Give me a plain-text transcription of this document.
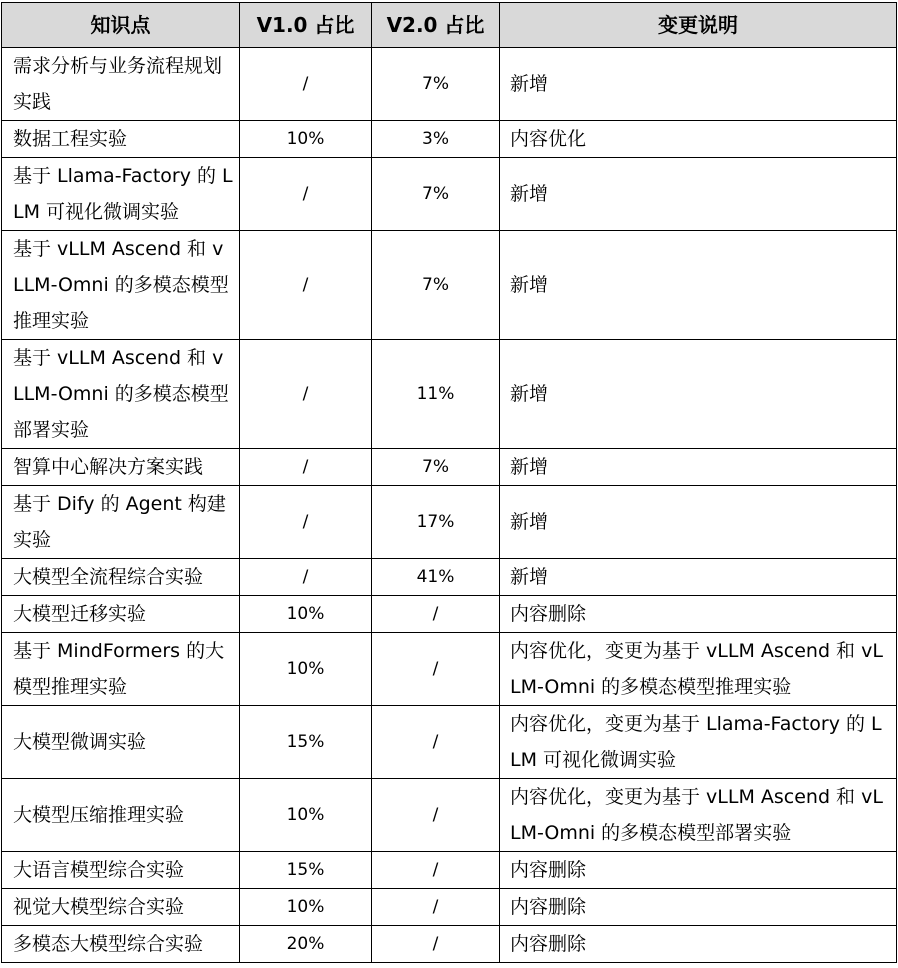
知识点	V1.0 占比	V2.0 占比	变更说明
需求分析与业务流程规划实践	/	7%	新增
数据工程实验	10%	3%	内容优化
基于 Llama-Factory 的 LLM 可视化微调实验	/	7%	新增
基于 vLLM Ascend 和 vLLM-Omni 的多模态模型推理实验	/	7%	新增
基于 vLLM Ascend 和 vLLM-Omni 的多模态模型部署实验	/	11%	新增
智算中心解决方案实践	/	7%	新增
基于 Dify 的 Agent 构建实验	/	17%	新增
大模型全流程综合实验	/	41%	新增
大模型迁移实验	10%	/	内容删除
基于 MindFormers 的大模型推理实验	10%	/	内容优化，变更为基于 vLLM Ascend 和 vLLM-Omni 的多模态模型推理实验
大模型微调实验	15%	/	内容优化，变更为基于 Llama-Factory 的 LLM 可视化微调实验
大模型压缩推理实验	10%	/	内容优化，变更为基于 vLLM Ascend 和 vLLM-Omni 的多模态模型部署实验
大语言模型综合实验	15%	/	内容删除
视觉大模型综合实验	10%	/	内容删除
多模态大模型综合实验	20%	/	内容删除
